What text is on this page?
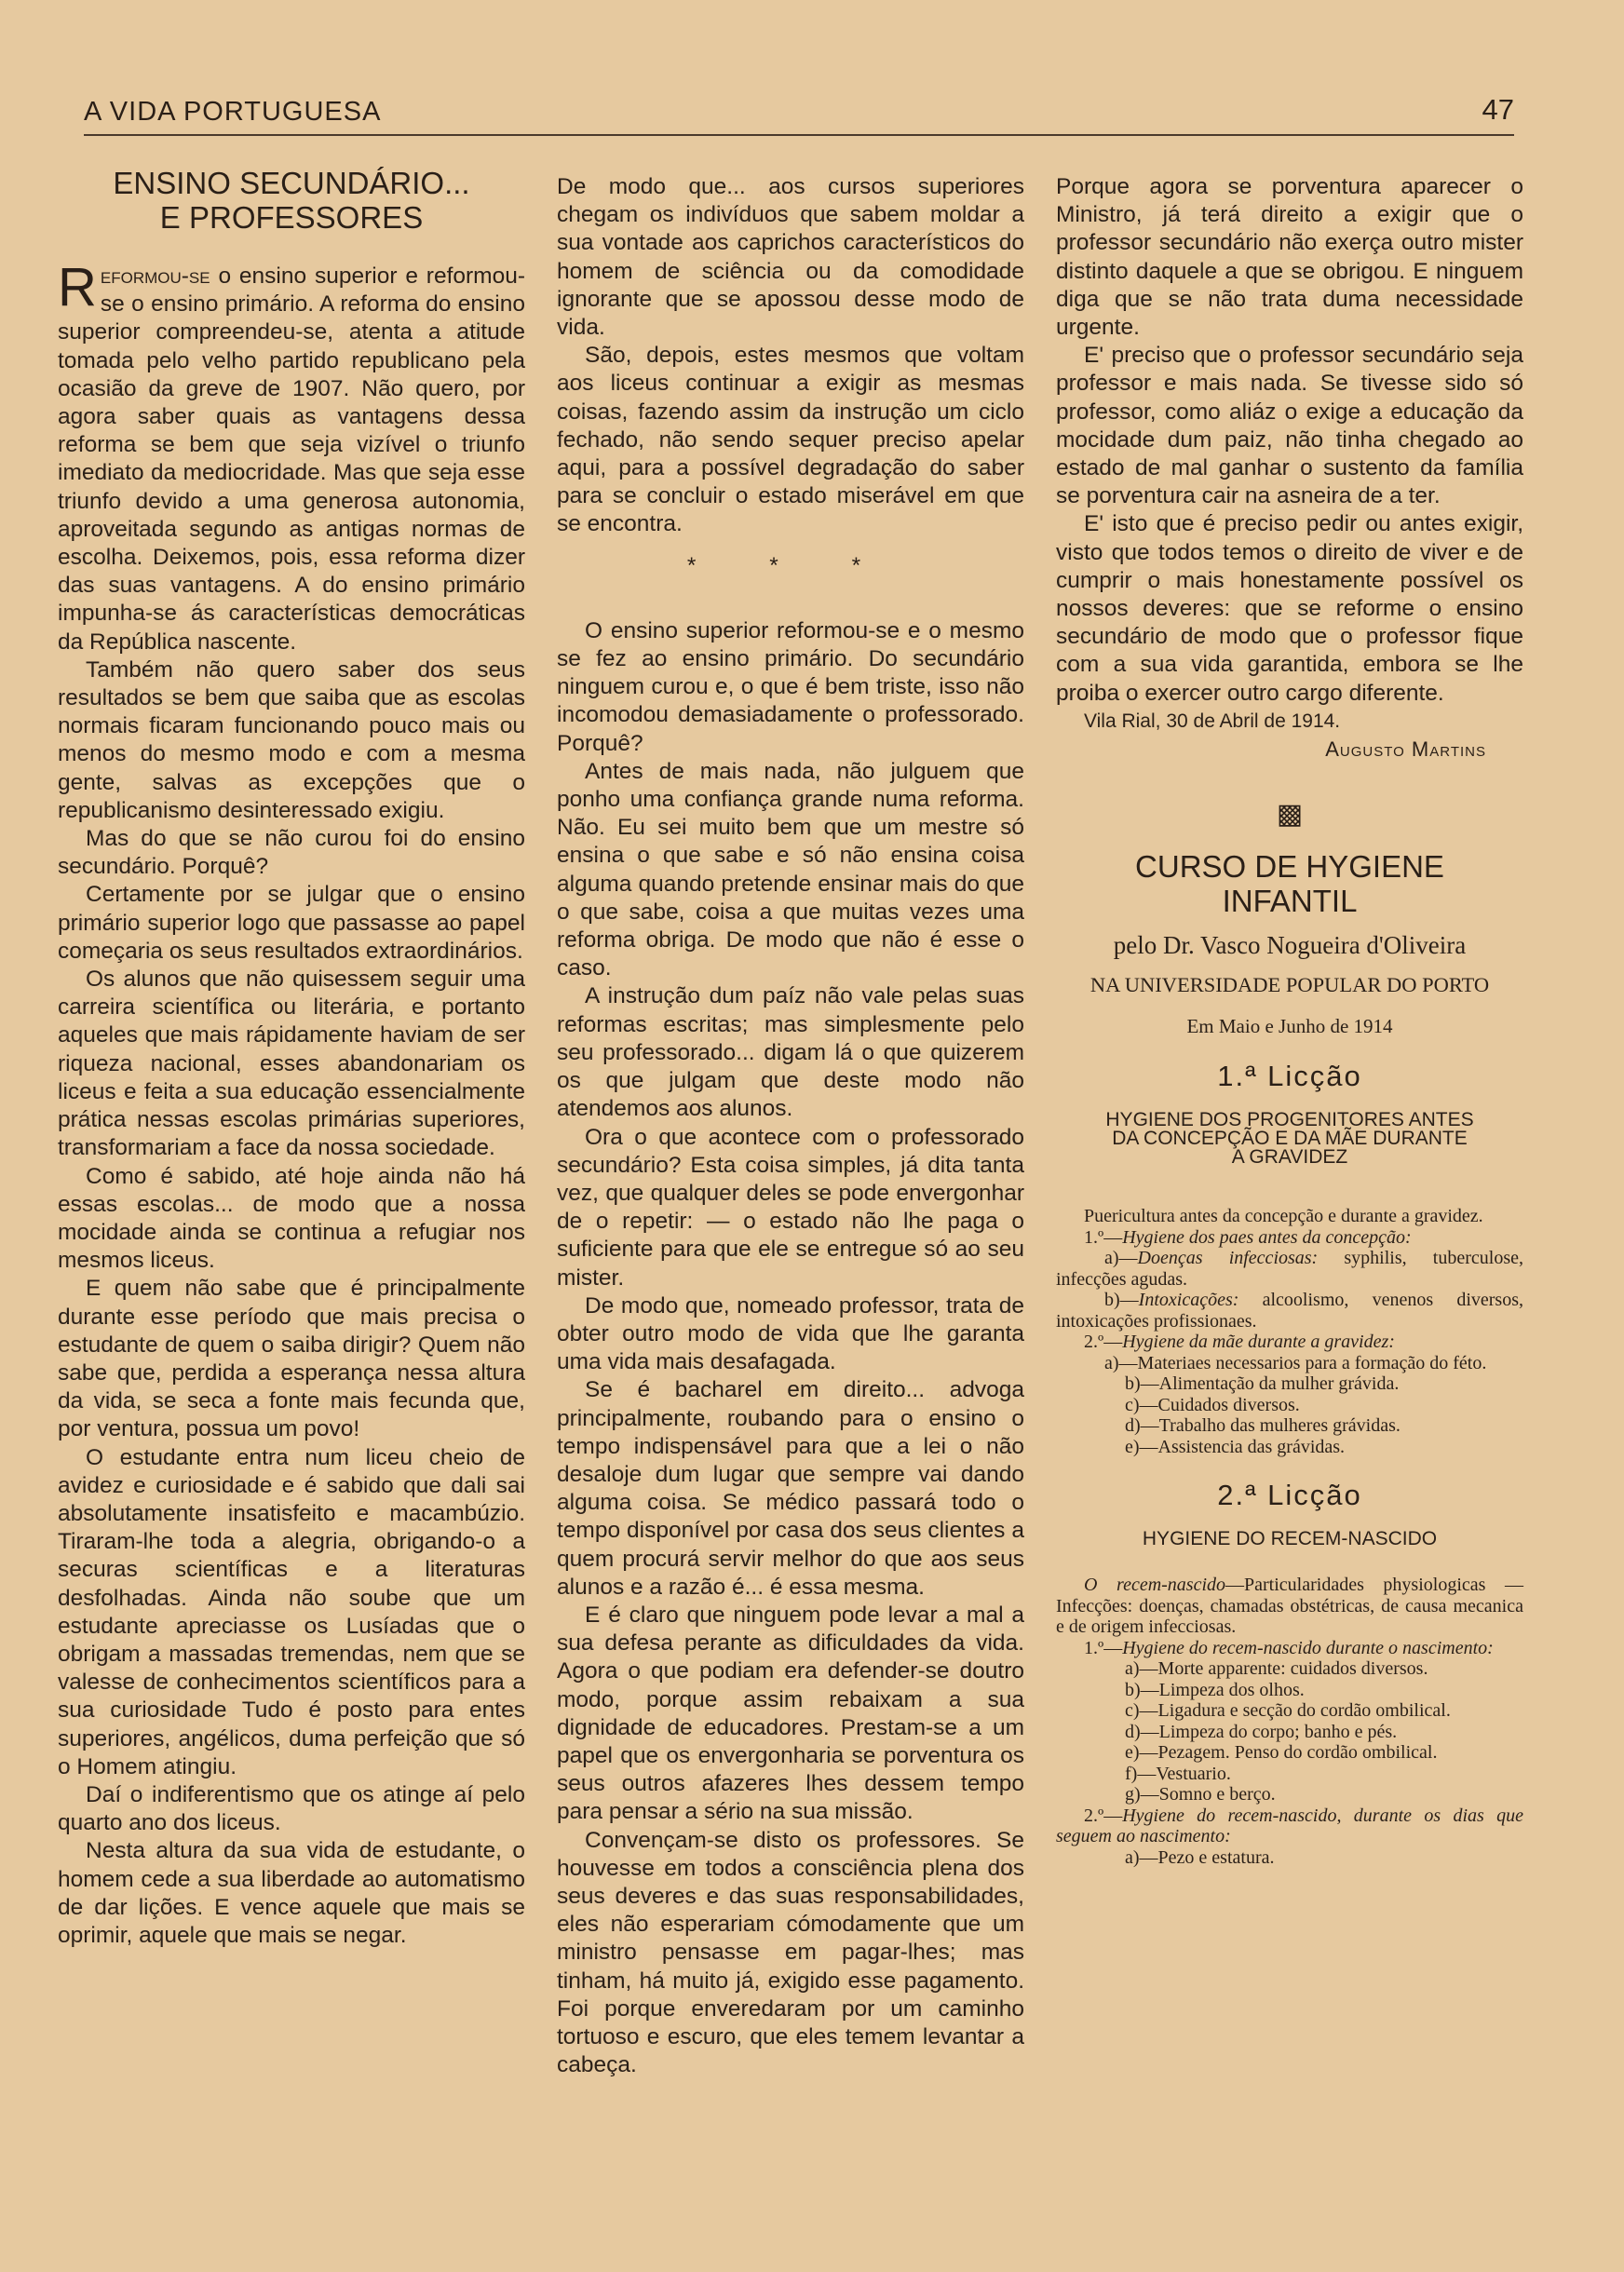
A VIDA PORTUGUESA	47
ENSINO SECUNDÁRIO...
E PROFESSORES

Reformou-se o ensino superior e reformou-se o ensino primário. A reforma do ensino superior compreendeu-se, atenta a atitude tomada pelo velho partido republicano pela ocasião da greve de 1907. Não quero, por agora saber quais as vantagens dessa reforma se bem que seja vizível o triunfo imediato da mediocridade. Mas que seja esse triunfo devido a uma generosa autonomia, aproveitada segundo as antigas normas de escolha. Deixemos, pois, essa reforma dizer das suas vantagens. A do ensino primário impunha-se ás características democráticas da República nascente.

Também não quero saber dos seus resultados se bem que saiba que as escolas normais ficaram funcionando pouco mais ou menos do mesmo modo e com a mesma gente, salvas as excepções que o republicanismo desinteressado exigiu.

Mas do que se não curou foi do ensino secundário. Porquê?

Certamente por se julgar que o ensino primário superior logo que passasse ao papel começaria os seus resultados extraordinários.

Os alunos que não quisessem seguir uma carreira scientífica ou literária, e portanto aqueles que mais rápidamente haviam de ser riqueza nacional, esses abandonariam os liceus e feita a sua educação essencialmente prática nessas escolas primárias superiores, transformariam a face da nossa sociedade.

Como é sabido, até hoje ainda não há essas escolas... de modo que a nossa mocidade ainda se continua a refugiar nos mesmos liceus.

E quem não sabe que é principalmente durante esse período que mais precisa o estudante de quem o saiba dirigir? Quem não sabe que, perdida a esperança nessa altura da vida, se seca a fonte mais fecunda que, por ventura, possua um povo!

O estudante entra num liceu cheio de avidez e curiosidade e é sabido que dali sai absolutamente insatisfeito e macambúzio. Tiraram-lhe toda a alegria, obrigando-o a securas scientíficas e a literaturas desfolhadas. Ainda não soube que um estudante apreciasse os Lusíadas que o obrigam a massadas tremendas, nem que se valesse de conhecimentos scientíficos para a sua curiosidade Tudo é posto para entes superiores, angélicos, duma perfeição que só o Homem atingiu.

Daí o indiferentismo que os atinge aí pelo quarto ano dos liceus.

Nesta altura da sua vida de estudante, o homem cede a sua liberdade ao automatismo de dar lições. E vence aquele que mais se oprimir, aquele que mais se negar.

De modo que... aos cursos superiores chegam os indivíduos que sabem moldar a sua vontade aos caprichos característicos do homem de sciência ou da comodidade ignorante que se apossou desse modo de vida.

São, depois, estes mesmos que voltam aos liceus continuar a exigir as mesmas coisas, fazendo assim da instrução um ciclo fechado, não sendo sequer preciso apelar aqui, para a possível degradação do saber para se concluir o estado miserável em que se encontra.

* * *

O ensino superior reformou-se e o mesmo se fez ao ensino primário. Do secundário ninguem curou e, o que é bem triste, isso não incomodou demasiadamente o professorado. Porquê?

Antes de mais nada, não julguem que ponho uma confiança grande numa reforma. Não. Eu sei muito bem que um mestre só ensina o que sabe e só não ensina coisa alguma quando pretende ensinar mais do que o que sabe, coisa a que muitas vezes uma reforma obriga. De modo que não é esse o caso.

A instrução dum paíz não vale pelas suas reformas escritas; mas simplesmente pelo seu professorado... digam lá o que quizerem os que julgam que deste modo não atendemos aos alunos.

Ora o que acontece com o professorado secundário? Esta coisa simples, já dita tanta vez, que qualquer deles se pode envergonhar de o repetir: — o estado não lhe paga o suficiente para que ele se entregue só ao seu mister.

De modo que, nomeado professor, trata de obter outro modo de vida que lhe garanta uma vida mais desafagada.

Se é bacharel em direito... advoga principalmente, roubando para o ensino o tempo indispensável para que a lei o não desaloje dum lugar que sempre vai dando alguma coisa. Se médico passará todo o tempo disponível por casa dos seus clientes a quem procurá servir melhor do que aos seus alunos e a razão é... é essa mesma.

E é claro que ninguem pode levar a mal a sua defesa perante as dificuldades da vida. Agora o que podiam era defender-se doutro modo, porque assim rebaixam a sua dignidade de educadores. Prestam-se a um papel que os envergonharia se porventura os seus outros afazeres lhes dessem tempo para pensar a sério na sua missão.

Convençam-se disto os professores. Se houvesse em todos a consciência plena dos seus deveres e das suas responsabilidades, eles não esperariam cómodamente que um ministro pensasse em pagar-lhes; mas tinham, há muito já, exigido esse pagamento. Foi porque enveredaram por um caminho tortuoso e escuro, que eles temem levantar a cabeça.

Porque agora se porventura aparecer o Ministro, já terá direito a exigir que o professor secundário não exerça outro mister distinto daquele a que se obrigou. E ninguem diga que se não trata duma necessidade urgente.

E' preciso que o professor secundário seja professor e mais nada. Se tivesse sido só professor, como aliáz o exige a educação da mocidade dum paiz, não tinha chegado ao estado de mal ganhar o sustento da família se porventura cair na asneira de a ter.

E' isto que é preciso pedir ou antes exigir, visto que todos temos o direito de viver e de cumprir o mais honestamente possível os nossos deveres: que se reforme o ensino secundário de modo que o professor fique com a sua vida garantida, embora se lhe proiba o exercer outro cargo diferente.

Vila Rial, 30 de Abril de 1914.

Augusto Martins
▩
CURSO DE HYGIENE
INFANTIL
pelo Dr. Vasco Nogueira d'Oliveira
NA UNIVERSIDADE POPULAR DO PORTO
Em Maio e Junho de 1914
1.ª Licção
HYGIENE DOS PROGENITORES ANTES
DA CONCEPÇÃO E DA MÃE DURANTE
A GRAVIDEZ

Puericultura antes da concepção e durante a gravidez.

1.º—Hygiene dos paes antes da concepção:

a)—Doenças infecciosas: syphilis, tuberculose, infecções agudas.

b)—Intoxicações: alcoolismo, venenos diversos, intoxicações profissionaes.

2.º—Hygiene da mãe durante a gravidez:

a)—Materiaes necessarios para a formação do féto.

b)—Alimentação da mulher grávida.

c)—Cuidados diversos.

d)—Trabalho das mulheres grávidas.

e)—Assistencia das grávidas.

2.ª Licção
HYGIENE DO RECEM-NASCIDO

O recem-nascido—Particularidades physiologicas — Infecções: doenças, chamadas obstétricas, de causa mecanica e de origem infecciosas.

1.º—Hygiene do recem-nascido durante o nascimento:

a)—Morte apparente: cuidados diversos.

b)—Limpeza dos olhos.

c)—Ligadura e secção do cordão ombilical.

d)—Limpeza do corpo; banho e pés.

e)—Pezagem. Penso do cordão ombilical.

f)—Vestuario.

g)—Somno e berço.

2.º—Hygiene do recem-nascido, durante os dias que seguem ao nascimento:

a)—Pezo e estatura.
